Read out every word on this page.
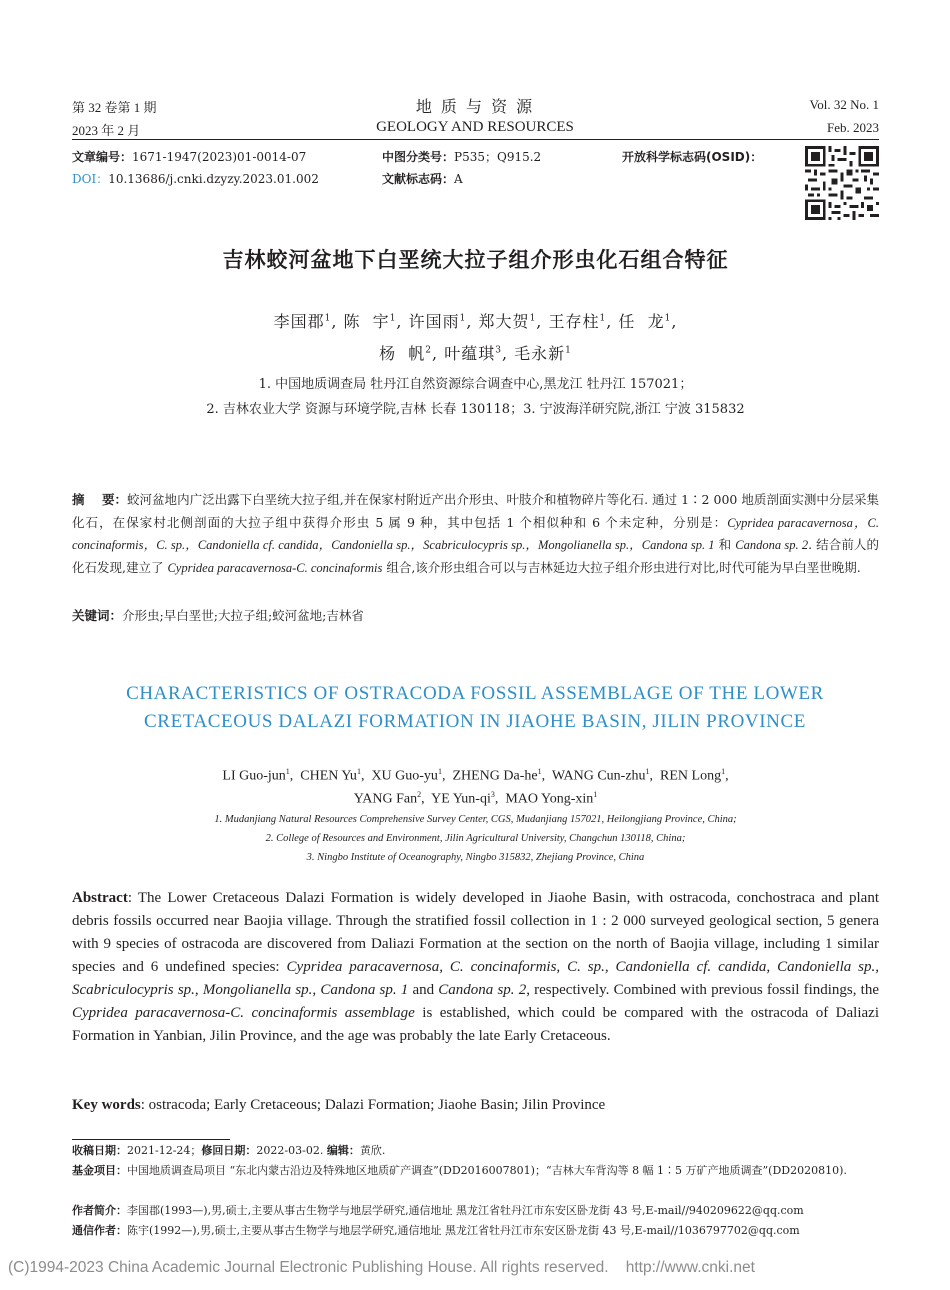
第 32 卷第 1 期
2023 年 2 月
地 质 与 资 源
GEOLOGY AND RESOURCES
Vol. 32 No. 1
Feb. 2023
文章编号：1671-1947(2023)01-0014-07
DOI：10.13686/j.cnki.dzyzy.2023.01.002
中图分类号：P535；Q915.2
文献标志码：A
开放科学标志码(OSID)：
吉林蛟河盆地下白垩统大拉子组介形虫化石组合特征
李国郡$^1$, 陈  宇$^1$, 许国雨$^1$, 郑大贺$^1$, 王存柱$^1$, 任  龙$^1$,
杨  帆$^2$, 叶蕴琪$^3$, 毛永新$^1$
1. 中国地质调查局 牡丹江自然资源综合调查中心,黑龙江 牡丹江 157021；
2. 吉林农业大学 资源与环境学院,吉林 长春 130118；3. 宁波海洋研究院,浙江 宁波 315832
摘    要：蛟河盆地内广泛出露下白垩统大拉子组,并在保家村附近产出介形虫、叶肢介和植物碎片等化石. 通过 1∶2 000 地质剖面实测中分层采集化石，在保家村北侧剖面的大拉子组中获得介形虫 5 属 9 种，其中包括 1 个相似种和 6 个未定种，分别是：Cypridea paracavernosa，C. concinaformis，C. sp.，Candoniella cf. candida，Candoniella sp.，Scabriculocypris sp.，Mongolianella sp.，Candona sp. 1 和 Candona sp. 2. 结合前人的化石发现,建立了 Cypridea paracavernosa-C. concinaformis 组合,该介形虫组合可以与吉林延边大拉子组介形虫进行对比,时代可能为早白垩世晚期.
关键词：介形虫;早白垩世;大拉子组;蛟河盆地;吉林省
CHARACTERISTICS OF OSTRACODA FOSSIL ASSEMBLAGE OF THE LOWER
CRETACEOUS DALAZI FORMATION IN JIAOHE BASIN, JILIN PROVINCE
LI Guo-jun$^1$,  CHEN Yu$^1$,  XU Guo-$yu^1$,  ZHENG $Da-he^1$,  WANG Cun-zhu$^1$,  REN Long$^1$,
YANG Fan$^2$,  YE Yun-$qi^3$,  MAO Yong-xin$^1$
1. Mudanjiang Natural Resources Comprehensive Survey Center, CGS, Mudanjiang 157021, Heilongjiang Province, China;
2. College of Resources and Environment, Jilin Agricultural University, Changchun 130118, China;
3. Ningbo Institute of Oceanography, Ningbo 315832, Zhejiang Province, China
Abstract: The Lower Cretaceous Dalazi Formation is widely developed in Jiaohe Basin, with ostracoda, conchostraca and plant debris fossils occurred near Baojia village. Through the stratified fossil collection in 1 : 2 000 surveyed geological section, 5 genera with 9 species of ostracoda are discovered from Daliazi Formation at the section on the north of Baojia village, including 1 similar species and 6 undefined species: Cypridea paracavernosa, C. concinaformis, C. sp., Candoniella cf. candida, Candoniella sp., Scabriculocypris sp., Mongolianella sp., Candona sp. 1 and Candona sp. 2, respectively. Combined with previous fossil findings, the Cypridea paracavernosa-C. concinaformis assemblage is established, which could be compared with the ostracoda of Daliazi Formation in Yanbian, Jilin Province, and the age was probably the late Early Cretaceous.
Key words: ostracoda; Early Cretaceous; Dalazi Formation; Jiaohe Basin; Jilin Province
收稿日期：2021-12-24；修回日期：2022-03-02. 编辑：黄欣.
基金项目：中国地质调查局项目 “东北内蒙古沿边及特殊地区地质矿产调查”(DD2016007801)；“吉林大车背沟等 8 幅 1∶5 万矿产地质调查”(DD2020810).
作者简介：李国郡(1993—),男,硕士,主要从事古生物学与地层学研究,通信地址 黑龙江省牡丹江市东安区卧龙街 43 号,E-mail//940209622@qq.com
通信作者：陈宇(1992—),男,硕士,主要从事古生物学与地层学研究,通信地址 黑龙江省牡丹江市东安区卧龙街 43 号,E-mail//1036797702@qq.com
(C)1994-2023 China Academic Journal Electronic Publishing House. All rights reserved.    http://www.cnki.net
